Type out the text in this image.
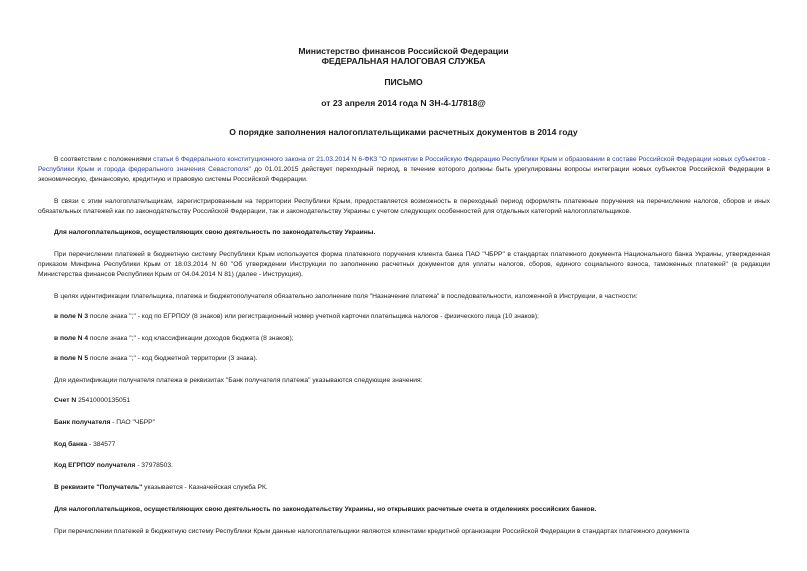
Министерство финансов Российской Федерации
ФЕДЕРАЛЬНАЯ НАЛОГОВАЯ СЛУЖБА
ПИСЬМО
от 23 апреля 2014 года N ЗН-4-1/7818@
О порядке заполнения налогоплательщиками расчетных документов в 2014 году
В соответствии с положениями статьи 6 Федерального конституционного закона от 21.03.2014 N 6-ФКЗ "О принятии в Российскую Федерацию Республики Крым и образовании в составе Российской Федерации новых субъектов - Республики Крым и города федерального значения Севастополя" до 01.01.2015 действует переходный период, в течение которого должны быть урегулированы вопросы интеграции новых субъектов Российской Федерации в экономическую, финансовую, кредитную и правовую системы Российской Федерации.
В связи с этим налогоплательщикам, зарегистрированным на территории Республики Крым, предоставляется возможность в переходный период оформлять платежные поручения на перечисление налогов, сборов и иных обязательных платежей как по законодательству Российской Федерации, так и законодательству Украины с учетом следующих особенностей для отдельных категорий налогоплательщиков.
Для налогоплательщиков, осуществляющих свою деятельность по законодательству Украины.
При перечислении платежей в бюджетную систему Республики Крым используется форма платежного поручения клиента банка ПАО "ЧБРР" в стандартах платежного документа Национального банка Украины, утвержденная приказом Минфина Республики Крым от 18.03.2014 N 60 "Об утверждении Инструкции по заполнению расчетных документов для уплаты налогов, сборов, единого социального взноса, таможенных платежей" (в редакции Министерства финансов Республики Крым от 04.04.2014 N 81) (далее - Инструкция).
В целях идентификации плательщика, платежа и бюджетополучателя обязательно заполнение поля "Назначение платежа" в последовательности, изложенной в Инструкции, в частности:
в поле N 3 после знака ";" - код по ЕГРПОУ (8 знаков) или регистрационный номер учетной карточки плательщика налогов - физического лица (10 знаков);
в поле N 4 после знака ";" - код классификации доходов бюджета (8 знаков);
в поле N 5 после знака ";" - код бюджетной территории (3 знака).
Для идентификации получателя платежа в реквизитах "Банк получателя платежа" указываются следующие значения:
Счет N 25410000135051
Банк получателя - ПАО "ЧБРР"
Код банка - 384577
Код ЕГРПОУ получателя - 37978503.
В реквизите "Получатель" указывается - Казначейская служба РК.
Для налогоплательщиков, осуществляющих свою деятельность по законодательству Украины, но открывших расчетные счета в отделениях российских банков.
При перечислении платежей в бюджетную систему Республики Крым данные налогоплательщики являются клиентами кредитной организации Российской Федерации в стандартах платежного документа
